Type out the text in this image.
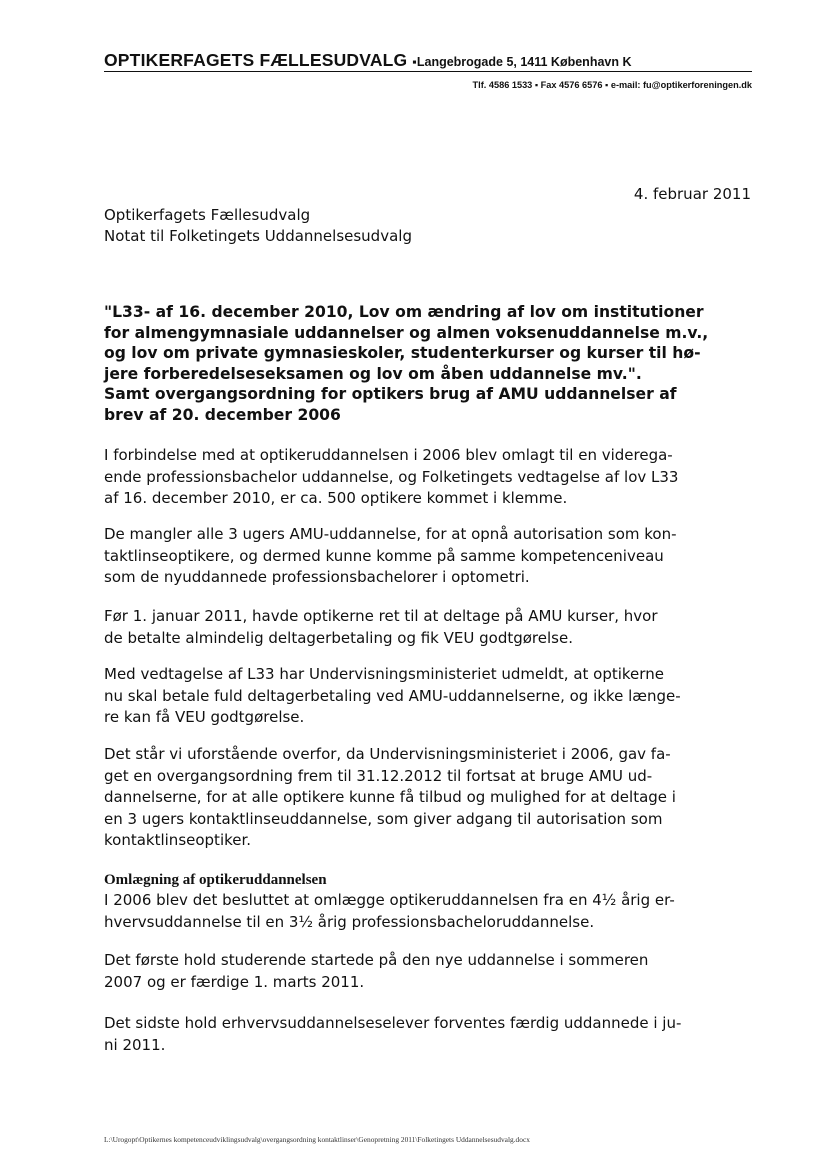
OPTIKERFAGETS FÆLLESUDVALG ▪Langebrogade 5, 1411 København K
Tlf. 4586 1533 ▪ Fax 4576 6576 ▪ e-mail: fu@optikerforeningen.dk
4. februar 2011
Optikerfagets Fællesudvalg
Notat til Folketingets Uddannelsesudvalg
"L33- af 16. december 2010, Lov om ændring af lov om institutioner
for almengymnasiale uddannelser og almen voksenuddannelse m.v.,
og lov om private gymnasieskoler, studenterkurser og kurser til hø-
jere forberedelseseksamen og lov om åben uddannelse mv.".
Samt overgangsordning for optikers brug af AMU uddannelser af
brev af 20. december 2006
I forbindelse med at optikeruddannelsen i 2006 blev omlagt til en viderega-
ende professionsbachelor uddannelse, og Folketingets vedtagelse af lov L33
af 16. december 2010, er ca. 500 optikere kommet i klemme.
De mangler alle 3 ugers AMU-uddannelse, for at opnå autorisation som kon-
taktlinseoptikere, og dermed kunne komme på samme kompetenceniveau
som de nyuddannede professionsbachelorer i optometri.
Før 1. januar 2011, havde optikerne ret til at deltage på AMU kurser, hvor
de betalte almindelig deltagerbetaling og fik VEU godtgørelse.
Med vedtagelse af L33 har Undervisningsministeriet udmeldt, at optikerne
nu skal betale fuld deltagerbetaling ved AMU-uddannelserne, og ikke længe-
re kan få VEU godtgørelse.
Det står vi uforstående overfor, da Undervisningsministeriet i 2006, gav fa-
get en overgangsordning frem til 31.12.2012 til fortsat at bruge AMU ud-
dannelserne, for at alle optikere kunne få tilbud og mulighed for at deltage i
en 3 ugers kontaktlinseuddannelse, som giver adgang til autorisation som
kontaktlinseoptiker.
Omlægning af optikeruddannelsen
I 2006 blev det besluttet at omlægge optikeruddannelsen fra en 4½ årig er-
hvervsuddannelse til en 3½ årig professionsbacheloruddannelse.
Det første hold studerende startede på den nye uddannelse i sommeren
2007 og er færdige 1. marts 2011.
Det sidste hold erhvervsuddannelseselever forventes færdig uddannede i ju-
ni 2011.
L:\Urogopt\Optikernes kompetenceudviklingsudvalg\overgangsordning kontaktlinser\Genopretning 2011\Folketingets Uddannelsesudvalg.docx
